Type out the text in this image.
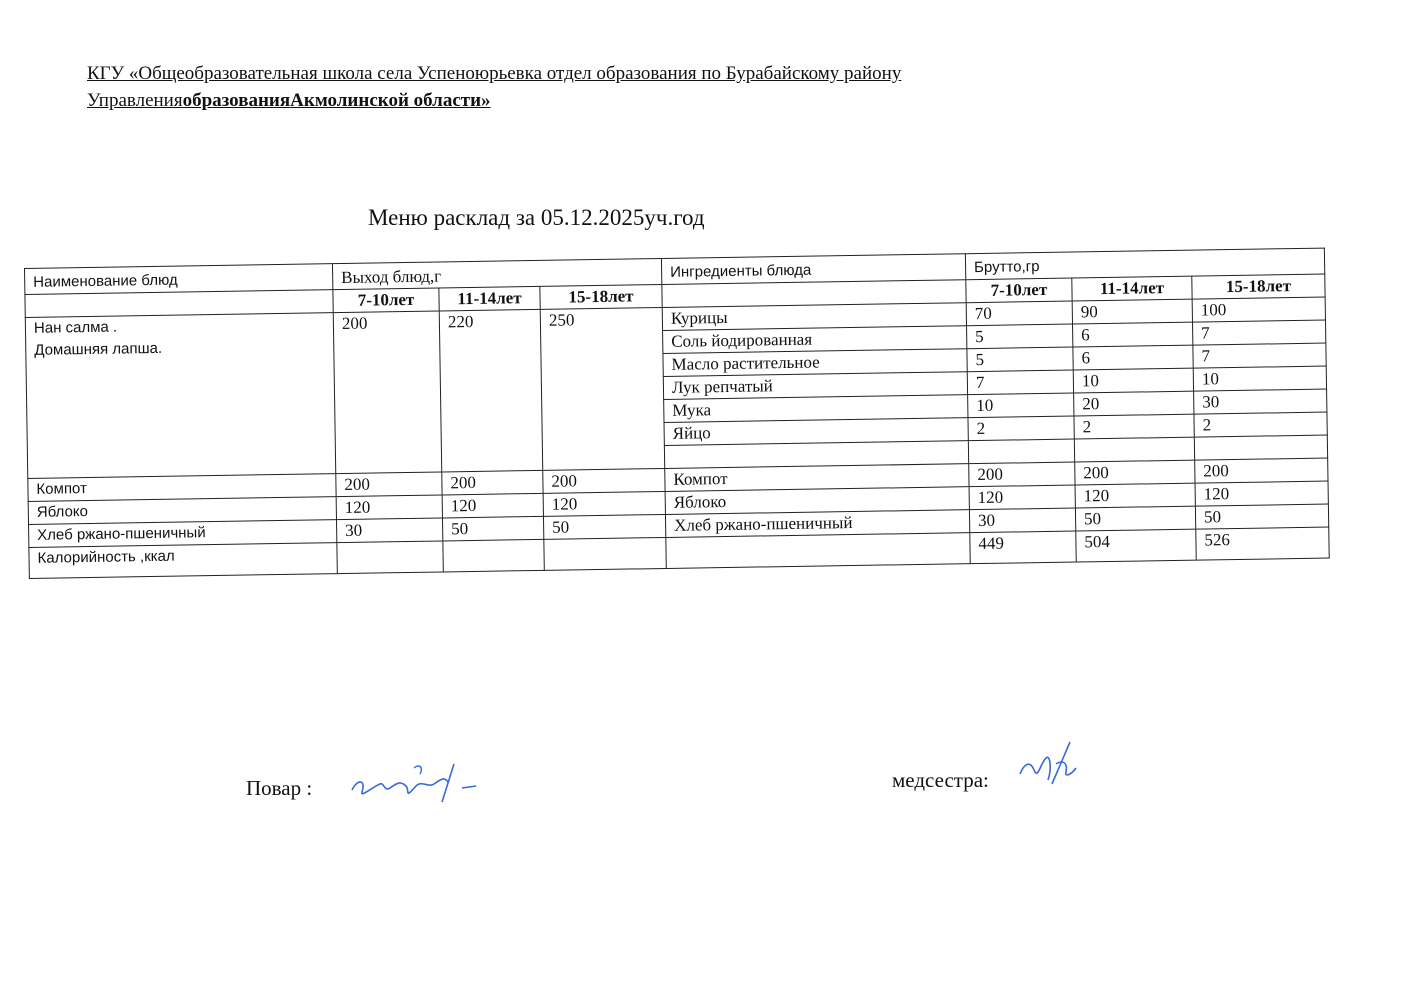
КГУ «Общеобразовательная школа села Успеноюрьевка отдел образования по Бурабайскому району
УправленияобразованияАкмолинской области»
Меню расклад за 05.12.2025уч.год
Наименование блюд	Выход блюд,г			Ингредиенты блюда	Брутто,гр		
	7-10лет	11-14лет	15-18лет		7-10лет	11-14лет	15-18лет

Нан салма .
Домашняя лапша.	200	220	250	Курицы	70	90	100
				Соль йодированная	5	6	7
				Масло растительное	5	6	7
				Лук репчатый	7	10	10
				Мука	10	20	30
				Яйцо	2	2	2

Компот	200	200	200	Компот	200	200	200
Яблоко	120	120	120	Яблоко	120	120	120
Хлеб ржано-пшеничный	30	50	50	Хлеб ржано-пшеничный	30	50	50
Калорийность ,ккал					449	504	526
Повар :	медсестра:
